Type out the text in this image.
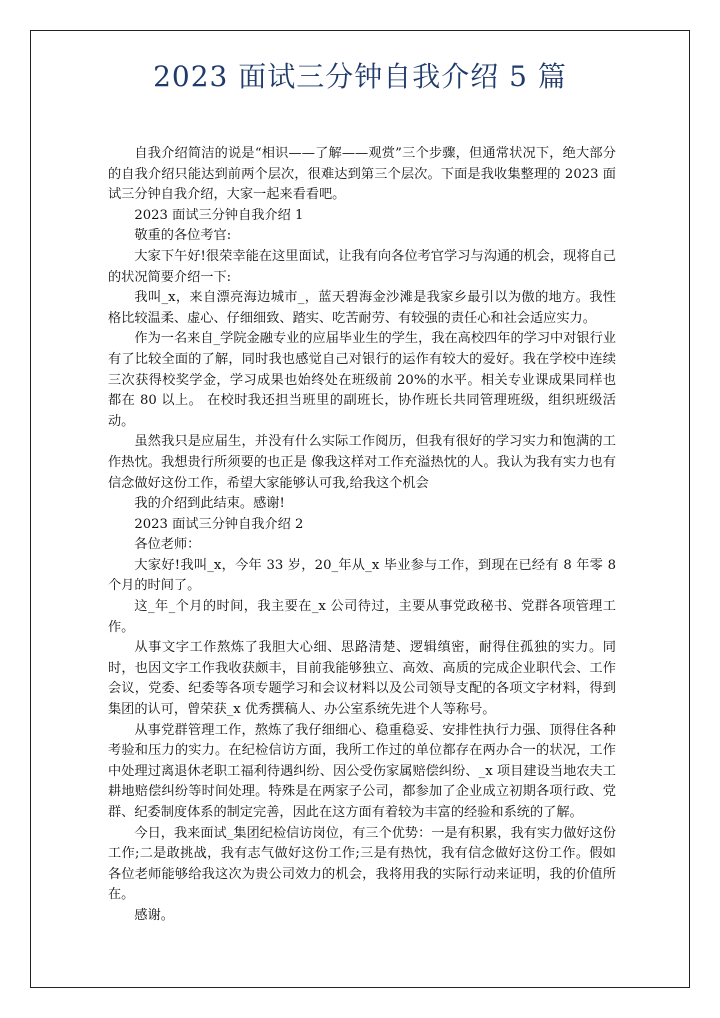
2023 面试三分钟自我介绍 5 篇

自我介绍简洁的说是“相识——了解——观赏”三个步骤，但通常状况下，绝大部分的自我介绍只能达到前两个层次，很难达到第三个层次。下面是我收集整理的 2023 面试三分钟自我介绍，大家一起来看看吧。

2023 面试三分钟自我介绍 1

敬重的各位考官:

大家下午好!很荣幸能在这里面试，让我有向各位考官学习与沟通的机会，现将自己的状况简要介绍一下:

我叫_x，来自漂亮海边城市_，蓝天碧海金沙滩是我家乡最引以为傲的地方。我性格比较温柔、虚心、仔细细致、踏实、吃苦耐劳、有较强的责任心和社会适应实力。

作为一名来自_学院金融专业的应届毕业生的学生，我在高校四年的学习中对银行业有了比较全面的了解，同时我也感觉自己对银行的运作有较大的爱好。我在学校中连续三次获得校奖学金，学习成果也始终处在班级前 20%的水平。相关专业课成果同样也都在 80 以上。 在校时我还担当班里的副班长，协作班长共同管理班级，组织班级活动。

虽然我只是应届生，并没有什么实际工作阅历，但我有很好的学习实力和饱满的工作热忱。我想贵行所须要的也正是 像我这样对工作充溢热忱的人。我认为我有实力也有信念做好这份工作，希望大家能够认可我,给我这个机会

我的介绍到此结束。感谢!

2023 面试三分钟自我介绍 2

各位老师：

大家好!我叫_x，今年 33 岁，20_年从_x 毕业参与工作，到现在已经有 8 年零 8 个月的时间了。

这_年_个月的时间，我主要在_x 公司待过，主要从事党政秘书、党群各项管理工作。

从事文字工作熬炼了我胆大心细、思路清楚、逻辑缜密，耐得住孤独的实力。同时，也因文字工作我收获颇丰，目前我能够独立、高效、高质的完成企业职代会、工作会议，党委、纪委等各项专题学习和会议材料以及公司领导支配的各项文字材料，得到集团的认可，曾荣获_x 优秀撰稿人、办公室系统先进个人等称号。

从事党群管理工作，熬炼了我仔细细心、稳重稳妥、安排性执行力强、顶得住各种考验和压力的实力。在纪检信访方面，我所工作过的单位都存在两办合一的状况，工作中处理过离退休老职工福利待遇纠纷、因公受伤家属赔偿纠纷、_x 项目建设当地农夫工耕地赔偿纠纷等时间处理。特殊是在两家子公司，都参加了企业成立初期各项行政、党群、纪委制度体系的制定完善，因此在这方面有着较为丰富的经验和系统的了解。

今日，我来面试_集团纪检信访岗位，有三个优势：一是有积累，我有实力做好这份工作;二是敢挑战，我有志气做好这份工作;三是有热忱，我有信念做好这份工作。假如各位老师能够给我这次为贵公司效力的机会，我将用我的实际行动来证明，我的价值所在。

感谢。
